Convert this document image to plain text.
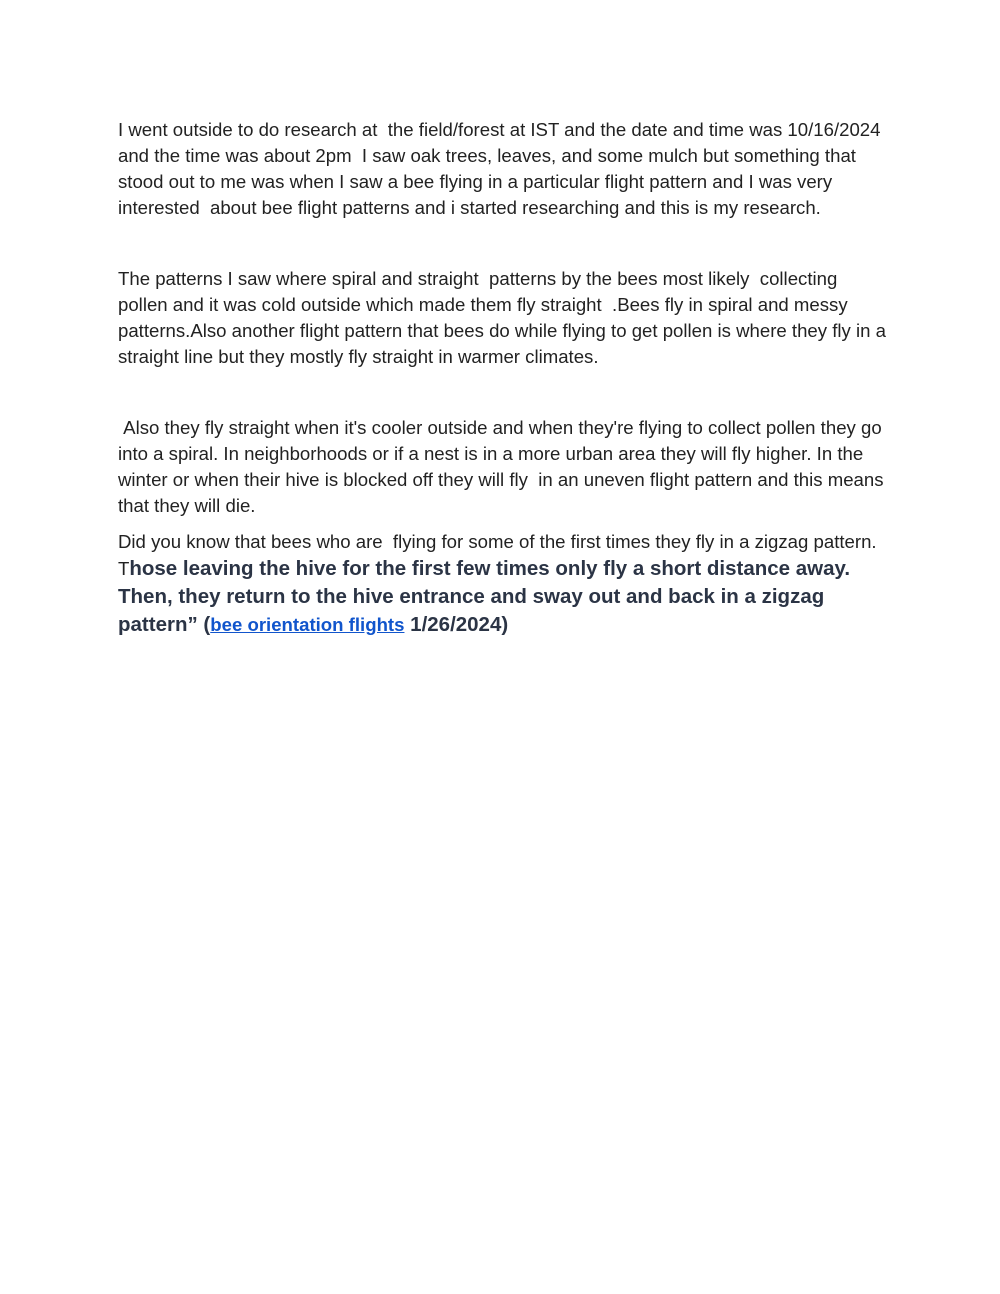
I went outside to do research at  the field/forest at IST and the date and time was 10/16/2024 and the time was about 2pm  I saw oak trees, leaves, and some mulch but something that stood out to me was when I saw a bee flying in a particular flight pattern and I was very interested  about bee flight patterns and i started researching and this is my research.

The patterns I saw where spiral and straight  patterns by the bees most likely  collecting pollen and it was cold outside which made them fly straight  .Bees fly in spiral and messy patterns.Also another flight pattern that bees do while flying to get pollen is where they fly in a straight line but they mostly fly straight in warmer climates.

Also they fly straight when it's cooler outside and when they're flying to collect pollen they go into a spiral. In neighborhoods or if a nest is in a more urban area they will fly higher. In the winter or when their hive is blocked off they will fly  in an uneven flight pattern and this means that they will die.

Did you know that bees who are  flying for some of the first times they fly in a zigzag pattern. Those leaving the hive for the first few times only fly a short distance away. Then, they return to the hive entrance and sway out and back in a zigzag pattern” (bee orientation flights 1/26/2024)
